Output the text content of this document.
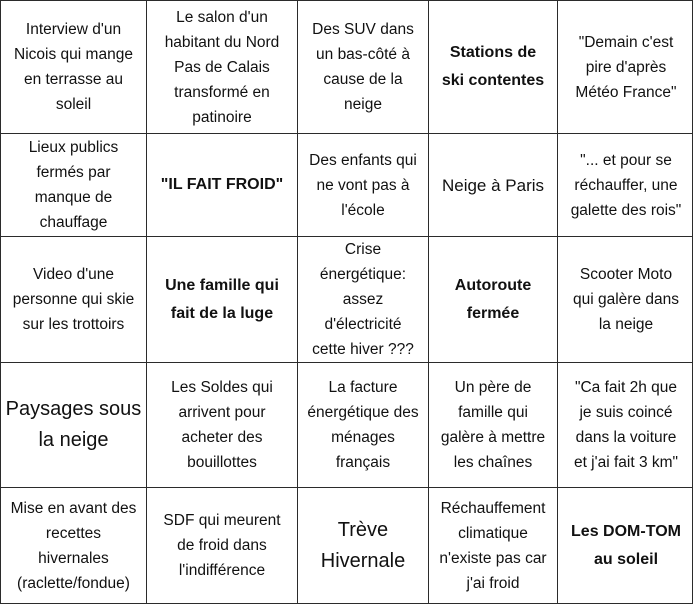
Interview d'un
Nicois qui mange
en terrasse au
soleil
Le salon d'un
habitant du Nord
Pas de Calais
transformé en
patinoire
Des SUV dans
un bas-côté à
cause de la
neige
Stations de
ski contentes
"Demain c'est
pire d'après
Météo France"
Lieux publics
fermés par
manque de
chauffage
"IL FAIT FROID"
Des enfants qui
ne vont pas à
l'école
Neige à Paris
"... et pour se
réchauffer, une
galette des rois"
Video d'une
personne qui skie
sur les trottoirs
Une famille qui
fait de la luge
Crise
énergétique:
assez
d'électricité
cette hiver ???
Autoroute
fermée
Scooter Moto
qui galère dans
la neige
Paysages sous
la neige
Les Soldes qui
arrivent pour
acheter des
bouillottes
La facture
énergétique des
ménages
français
Un père de
famille qui
galère à mettre
les chaînes
"Ca fait 2h que
je suis coincé
dans la voiture
et j'ai fait 3 km"
Mise en avant des
recettes
hivernales
(raclette/fondue)
SDF qui meurent
de froid dans
l'indifférence
Trève
Hivernale
Réchauffement
climatique
n'existe pas car
j'ai froid
Les DOM-TOM
au soleil
